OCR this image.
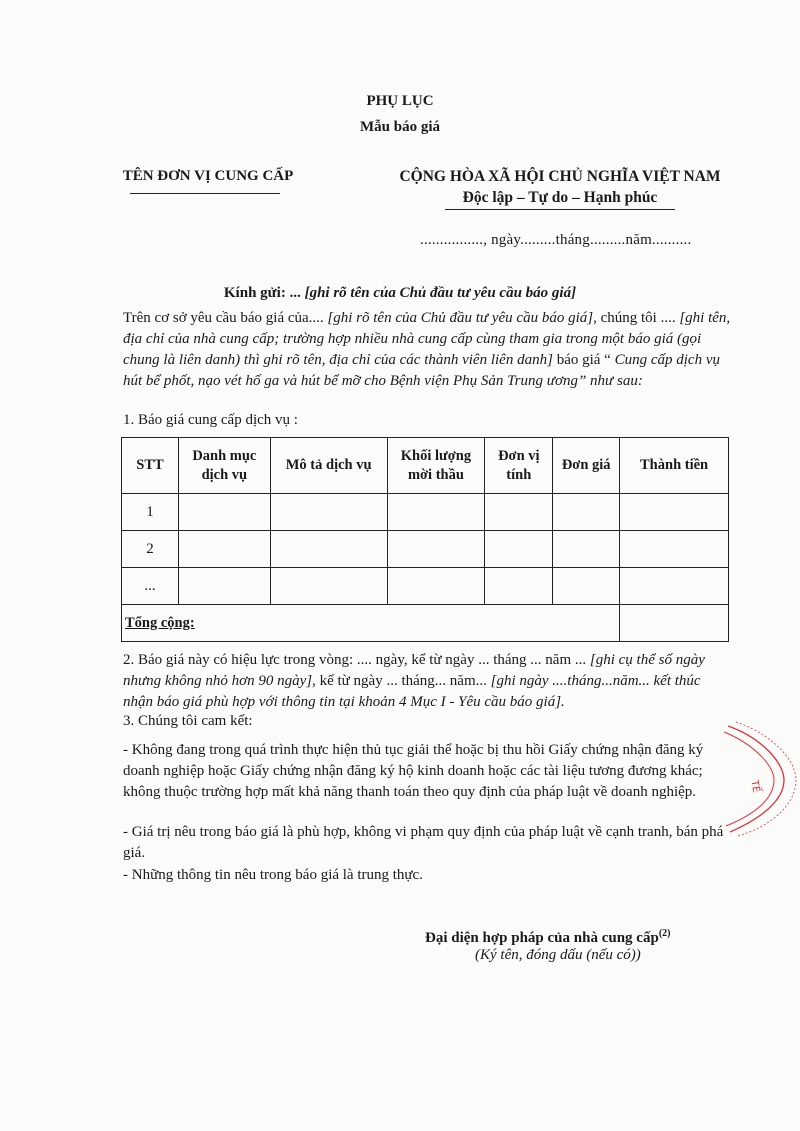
PHỤ LỤC
Mẫu báo giá
TÊN ĐƠN VỊ CUNG CẤP	CỘNG HÒA XÃ HỘI CHỦ NGHĨA VIỆT NAM
Độc lập – Tự do – Hạnh phúc
................, ngày.........tháng.........năm..........
Kính gửi: ... [ghi rõ tên của Chủ đầu tư yêu cầu báo giá]
Trên cơ sở yêu cầu báo giá của.... [ghi rõ tên của Chủ đầu tư yêu cầu báo giá], chúng tôi .... [ghi tên, địa chỉ của nhà cung cấp; trường hợp nhiều nhà cung cấp cùng tham gia trong một báo giá (gọi chung là liên danh) thì ghi rõ tên, địa chỉ của các thành viên liên danh] báo giá “ Cung cấp dịch vụ hút bể phốt, nạo vét hố ga và hút bể mỡ cho Bệnh viện Phụ Sản Trung ương” như sau:
1. Báo giá cung cấp dịch vụ :
STT	Danh mục dịch vụ	Mô tả dịch vụ	Khối lượng mời thầu	Đơn vị tính	Đơn giá	Thành tiền
1						
2						
...						
Tổng cộng:						
2. Báo giá này có hiệu lực trong vòng: .... ngày, kể từ ngày ... tháng ... năm ... [ghi cụ thể số ngày nhưng không nhỏ hơn 90 ngày], kể từ ngày ... tháng... năm... [ghi ngày ....tháng...năm... kết thúc nhận báo giá phù hợp với thông tin tại khoản 4 Mục I - Yêu cầu báo giá].
3. Chúng tôi cam kết:
- Không đang trong quá trình thực hiện thủ tục giải thể hoặc bị thu hồi Giấy chứng nhận đăng ký doanh nghiệp hoặc Giấy chứng nhận đăng ký hộ kinh doanh hoặc các tài liệu tương đương khác; không thuộc trường hợp mất khả năng thanh toán theo quy định của pháp luật về doanh nghiệp.
- Giá trị nêu trong báo giá là phù hợp, không vi phạm quy định của pháp luật về cạnh tranh, bán phá giá.
- Những thông tin nêu trong báo giá là trung thực.
Đại diện hợp pháp của nhà cung cấp$^{(2)}$
(Ký tên, đóng dấu (nếu có))
TẾ
